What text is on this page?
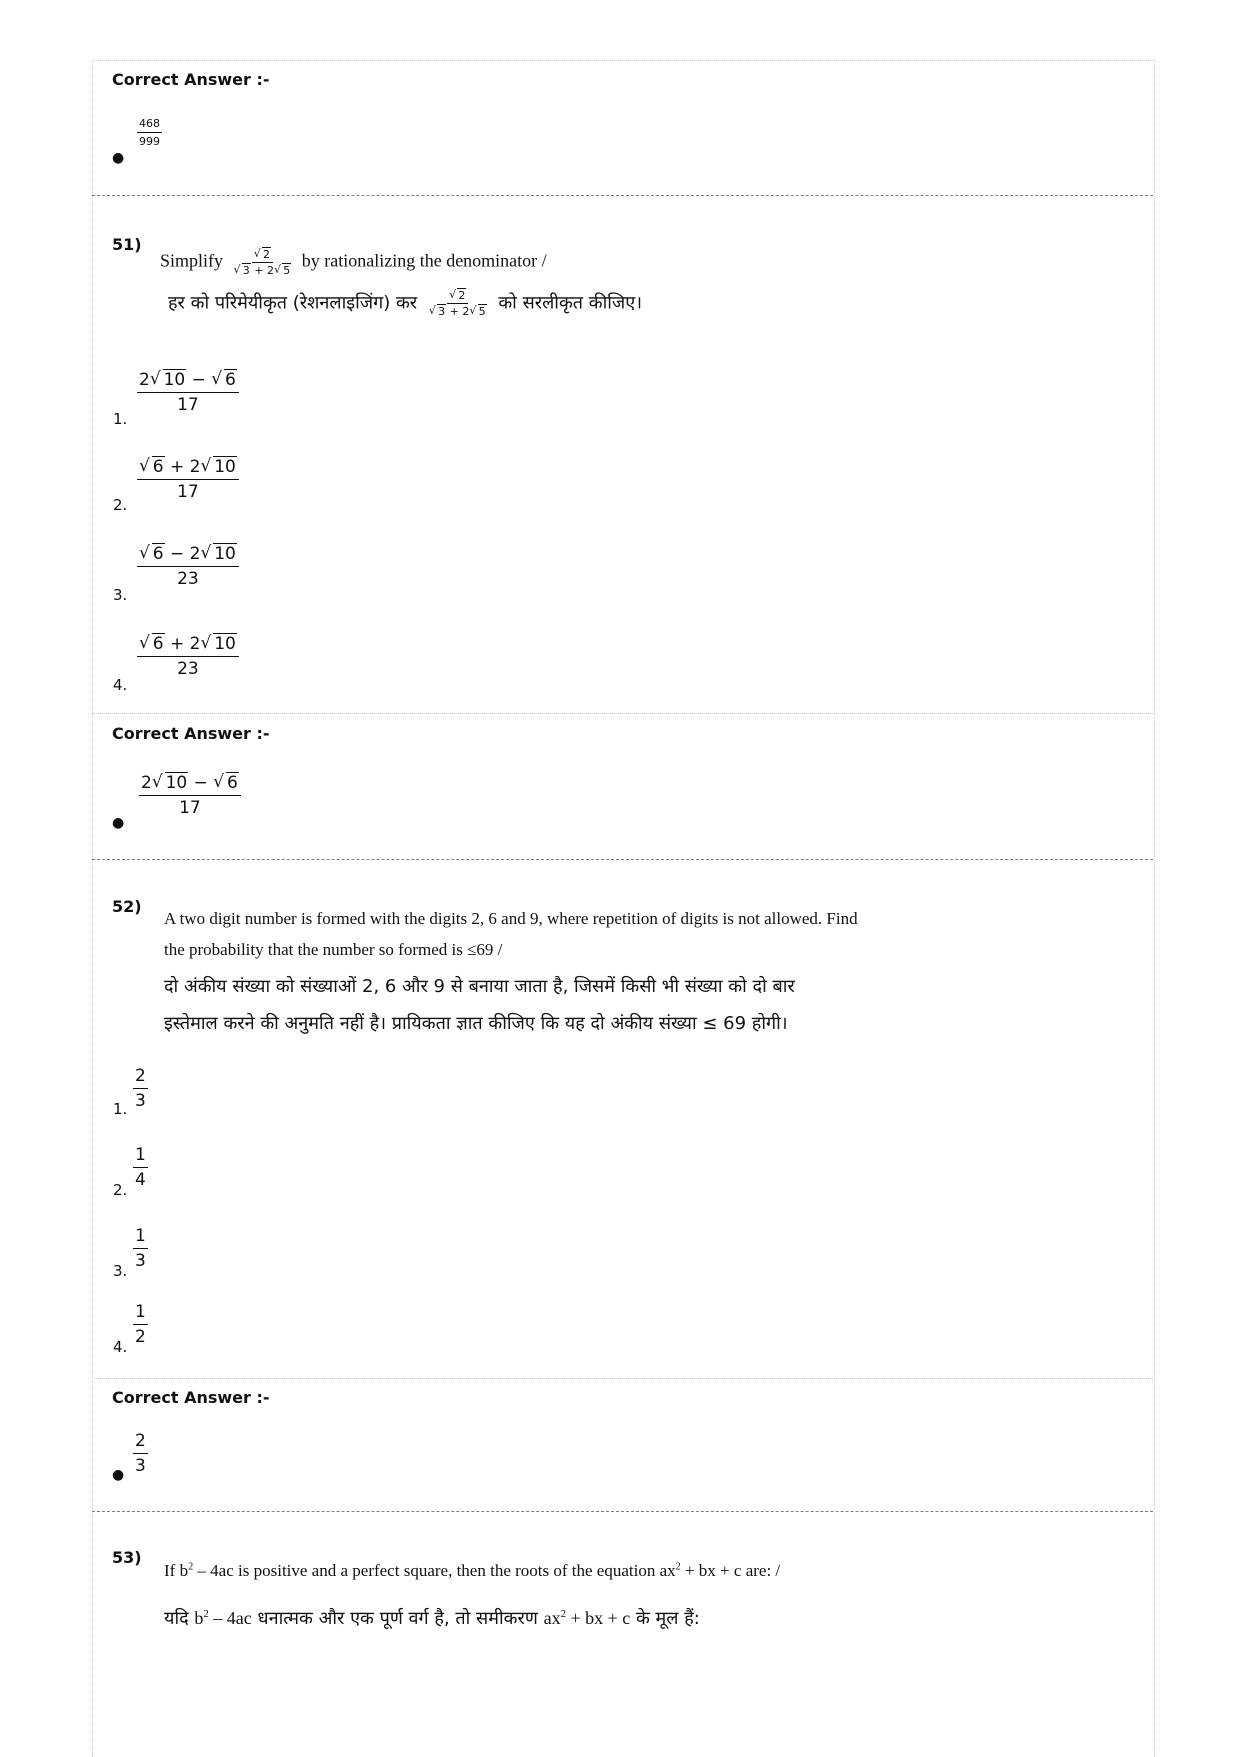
Correct Answer :-
●
$\frac{468}{999}$
51)
Simplify √ 2
√ 3 + 2 √ 5 by rationalizing the denominator /
हर को परिमेयीकृत (रेशनलाइजिंग) कर √ 2
√ 3 + 2 √ 5 को सरलीकृत कीजिए।
1.
$\frac{2 √ 10 - √ 6}{17}$
2.
√ $\frac{6 + 2 √ 10}{17}$
3.
√ $\frac{6 - 2 √ 10}{23}$
4.
√ $\frac{6 + 2 √ 10}{23}$
Correct Answer :-
●
$\frac{2 √ 10 - √ 6}{17}$
52)
A two digit number is formed with the digits 2, 6 and 9, where repetition of digits is not allowed. Find
the probability that the number so formed is ≤69 /
दो अंकीय संख्या को संख्याओं 2, 6 और 9 से बनाया जाता है, जिसमें किसी भी संख्या को दो बार
इस्तेमाल करने की अनुमति नहीं है। प्रायिकता ज्ञात कीजिए कि यह दो अंकीय संख्या ≤ 69 होगी।
1. $\frac{2}{3}$
2. $\frac{1}{4}$
3. $\frac{1}{3}$
4. $\frac{1}{2}$
Correct Answer :-
● $\frac{2}{3}$
53)
If $b^2 - 4ac$ is positive and a perfect square, then the roots of the equation $ax^2$ + bx + c are: /
यदि $b^2 - 4ac$ धनात्मक और एक पूर्ण वर्ग है, तो समीकरण $ax^2$ + bx + c के मूल हैं:
